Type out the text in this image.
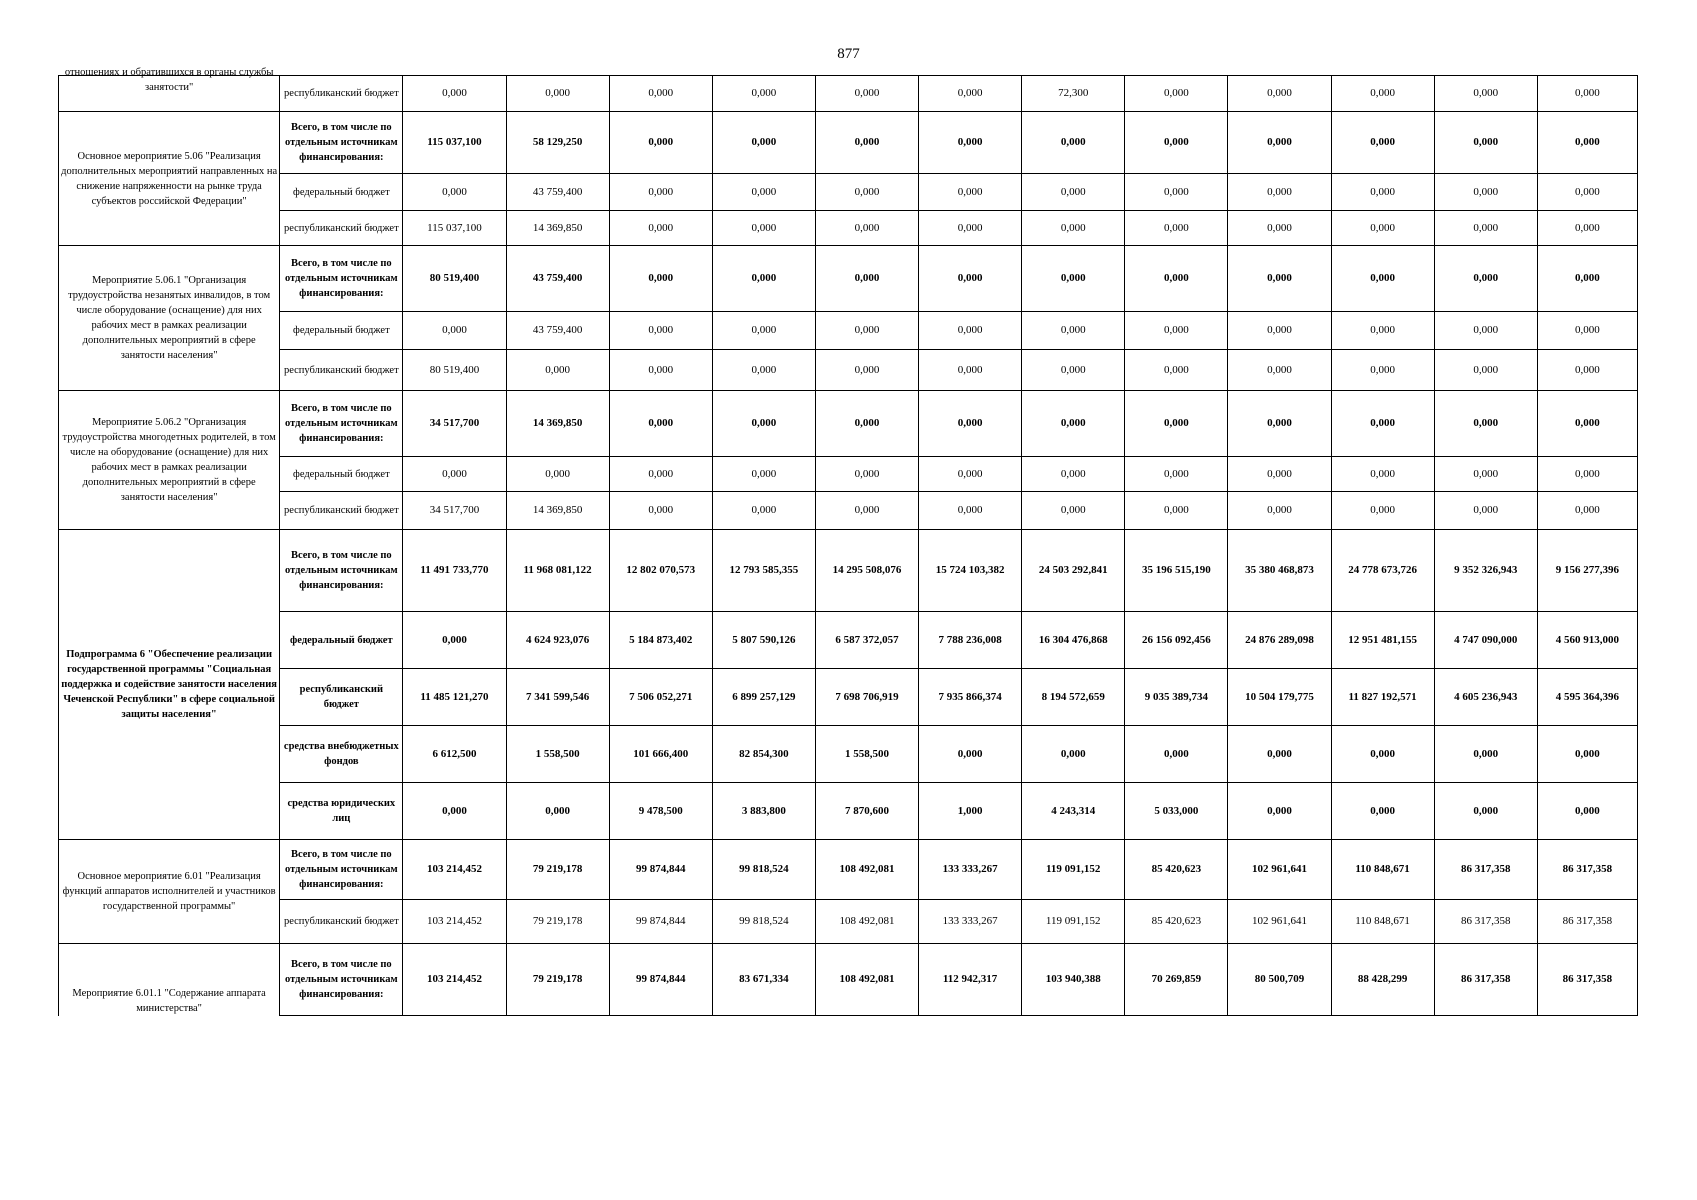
877
отношениях и обратившихся в органы службы занятости"	республиканский бюджет	0,000	0,000	0,000	0,000	0,000	0,000	72,300	0,000	0,000	0,000	0,000	0,000
Основное мероприятие 5.06 "Реализация дополнительных мероприятий направленных на снижение напряженности на рынке труда субъектов российской Федерации"	Всего, в том числе по отдельным источникам финансирования:	115 037,100	58 129,250	0,000	0,000	0,000	0,000	0,000	0,000	0,000	0,000	0,000	0,000
	федеральный бюджет	0,000	43 759,400	0,000	0,000	0,000	0,000	0,000	0,000	0,000	0,000	0,000	0,000
	республиканский бюджет	115 037,100	14 369,850	0,000	0,000	0,000	0,000	0,000	0,000	0,000	0,000	0,000	0,000
Мероприятие 5.06.1 "Организация трудоустройства незанятых инвалидов, в том числе оборудование (оснащение) для них рабочих мест в рамках реализации дополнительных мероприятий в сфере занятости населения"	Всего, в том числе по отдельным источникам финансирования:	80 519,400	43 759,400	0,000	0,000	0,000	0,000	0,000	0,000	0,000	0,000	0,000	0,000
	федеральный бюджет	0,000	43 759,400	0,000	0,000	0,000	0,000	0,000	0,000	0,000	0,000	0,000	0,000
	республиканский бюджет	80 519,400	0,000	0,000	0,000	0,000	0,000	0,000	0,000	0,000	0,000	0,000	0,000
Мероприятие 5.06.2 "Организация трудоустройства многодетных родителей, в том числе на оборудование (оснащение) для них рабочих мест в рамках реализации дополнительных мероприятий в сфере занятости населения"	Всего, в том числе по отдельным источникам финансирования:	34 517,700	14 369,850	0,000	0,000	0,000	0,000	0,000	0,000	0,000	0,000	0,000	0,000
	федеральный бюджет	0,000	0,000	0,000	0,000	0,000	0,000	0,000	0,000	0,000	0,000	0,000	0,000
	республиканский бюджет	34 517,700	14 369,850	0,000	0,000	0,000	0,000	0,000	0,000	0,000	0,000	0,000	0,000
Подпрограмма 6 "Обеспечение реализации государственной программы "Социальная поддержка и содействие занятости населения Чеченской Республики" в сфере социальной защиты населения"	Всего, в том числе по отдельным источникам финансирования:	11 491 733,770	11 968 081,122	12 802 070,573	12 793 585,355	14 295 508,076	15 724 103,382	24 503 292,841	35 196 515,190	35 380 468,873	24 778 673,726	9 352 326,943	9 156 277,396
	федеральный бюджет	0,000	4 624 923,076	5 184 873,402	5 807 590,126	6 587 372,057	7 788 236,008	16 304 476,868	26 156 092,456	24 876 289,098	12 951 481,155	4 747 090,000	4 560 913,000
	республиканский бюджет	11 485 121,270	7 341 599,546	7 506 052,271	6 899 257,129	7 698 706,919	7 935 866,374	8 194 572,659	9 035 389,734	10 504 179,775	11 827 192,571	4 605 236,943	4 595 364,396
	средства внебюджетных фондов	6 612,500	1 558,500	101 666,400	82 854,300	1 558,500	0,000	0,000	0,000	0,000	0,000	0,000	0,000
	средства юридических лиц	0,000	0,000	9 478,500	3 883,800	7 870,600	1,000	4 243,314	5 033,000	0,000	0,000	0,000	0,000
Основное мероприятие 6.01 "Реализация функций аппаратов исполнителей и участников государственной программы"	Всего, в том числе по отдельным источникам финансирования:	103 214,452	79 219,178	99 874,844	99 818,524	108 492,081	133 333,267	119 091,152	85 420,623	102 961,641	110 848,671	86 317,358	86 317,358
	республиканский бюджет	103 214,452	79 219,178	99 874,844	99 818,524	108 492,081	133 333,267	119 091,152	85 420,623	102 961,641	110 848,671	86 317,358	86 317,358
Мероприятие 6.01.1 "Содержание аппарата министерства"	Всего, в том числе по отдельным источникам финансирования:	103 214,452	79 219,178	99 874,844	83 671,334	108 492,081	112 942,317	103 940,388	70 269,859	80 500,709	88 428,299	86 317,358	86 317,358
